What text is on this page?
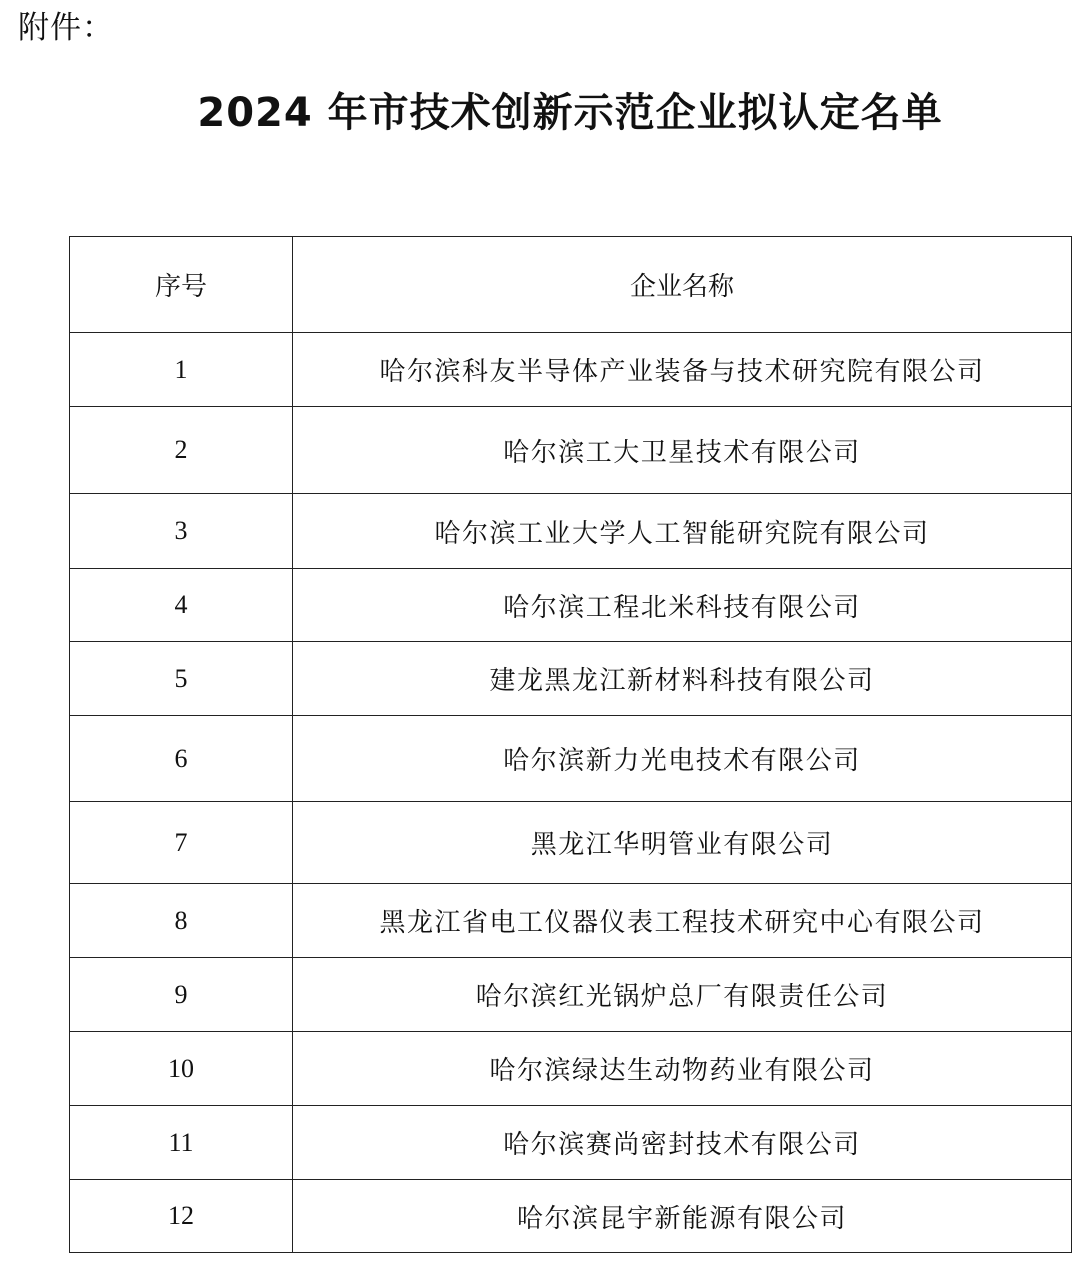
附件：
2024 年市技术创新示范企业拟认定名单
序号	企业名称
1	哈尔滨科友半导体产业装备与技术研究院有限公司
2	哈尔滨工大卫星技术有限公司
3	哈尔滨工业大学人工智能研究院有限公司
4	哈尔滨工程北米科技有限公司
5	建龙黑龙江新材料科技有限公司
6	哈尔滨新力光电技术有限公司
7	黑龙江华明管业有限公司
8	黑龙江省电工仪器仪表工程技术研究中心有限公司
9	哈尔滨红光锅炉总厂有限责任公司
10	哈尔滨绿达生动物药业有限公司
11	哈尔滨赛尚密封技术有限公司
12	哈尔滨昆宇新能源有限公司
